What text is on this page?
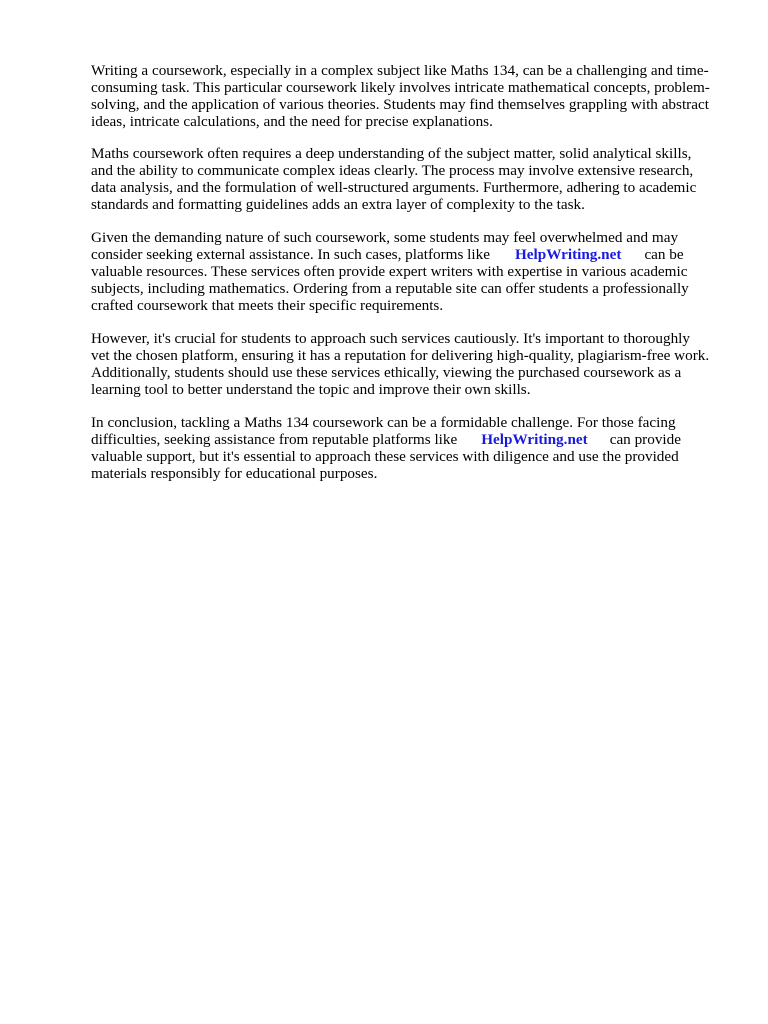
Writing a coursework, especially in a complex subject like Maths 134, can be a challenging and time-
consuming task. This particular coursework likely involves intricate mathematical concepts, problem-
solving, and the application of various theories. Students may find themselves grappling with abstract
ideas, intricate calculations, and the need for precise explanations.
Maths coursework often requires a deep understanding of the subject matter, solid analytical skills,
and the ability to communicate complex ideas clearly. The process may involve extensive research,
data analysis, and the formulation of well-structured arguments. Furthermore, adhering to academic
standards and formatting guidelines adds an extra layer of complexity to the task.
Given the demanding nature of such coursework, some students may feel overwhelmed and may
consider seeking external assistance. In such cases, platforms like HelpWriting.net can be
valuable resources. These services often provide expert writers with expertise in various academic
subjects, including mathematics. Ordering from a reputable site can offer students a professionally
crafted coursework that meets their specific requirements.
However, it's crucial for students to approach such services cautiously. It's important to thoroughly
vet the chosen platform, ensuring it has a reputation for delivering high-quality, plagiarism-free work.
Additionally, students should use these services ethically, viewing the purchased coursework as a
learning tool to better understand the topic and improve their own skills.
In conclusion, tackling a Maths 134 coursework can be a formidable challenge. For those facing
difficulties, seeking assistance from reputable platforms like HelpWriting.net can provide
valuable support, but it's essential to approach these services with diligence and use the provided
materials responsibly for educational purposes.
